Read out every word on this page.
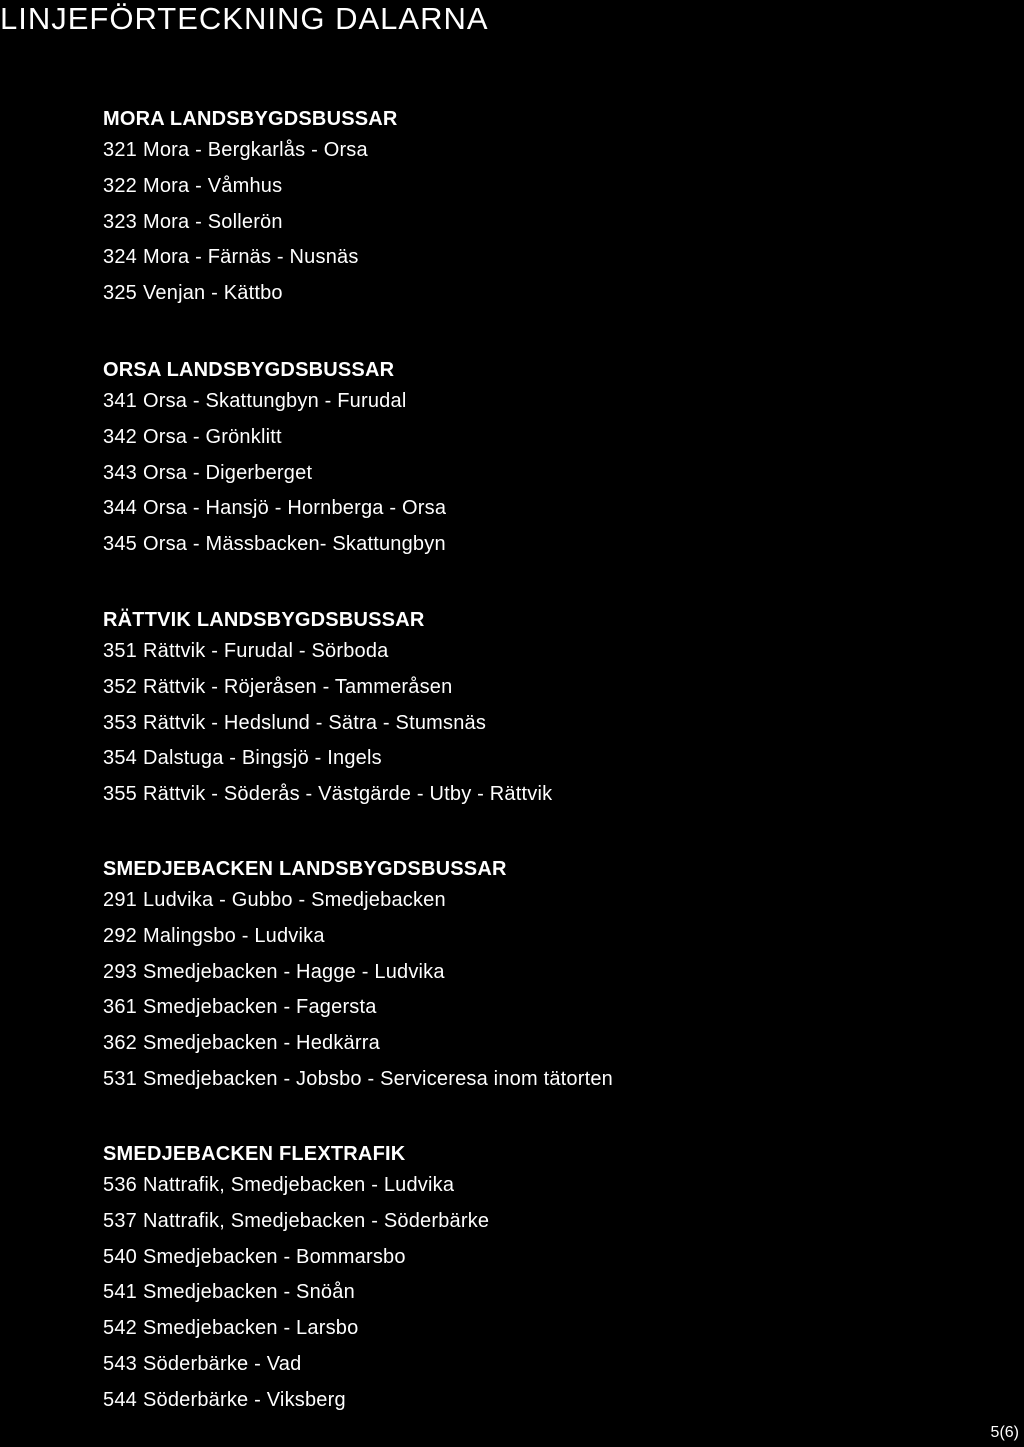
LINJEFÖRTECKNING DALARNA
MORA LANDSBYGDSBUSSAR
321 Mora - Bergkarlås - Orsa
322 Mora - Våmhus
323 Mora - Sollerön
324 Mora - Färnäs - Nusnäs
325 Venjan - Kättbo
ORSA LANDSBYGDSBUSSAR
341 Orsa - Skattungbyn - Furudal
342 Orsa - Grönklitt
343 Orsa - Digerberget
344 Orsa - Hansjö - Hornberga - Orsa
345 Orsa - Mässbacken- Skattungbyn
RÄTTVIK LANDSBYGDSBUSSAR
351 Rättvik - Furudal - Sörboda
352 Rättvik - Röjeråsen - Tammeråsen
353 Rättvik - Hedslund - Sätra - Stumsnäs
354 Dalstuga - Bingsjö - Ingels
355 Rättvik - Söderås - Västgärde - Utby - Rättvik
SMEDJEBACKEN LANDSBYGDSBUSSAR
291 Ludvika - Gubbo - Smedjebacken
292 Malingsbo - Ludvika
293 Smedjebacken - Hagge - Ludvika
361 Smedjebacken - Fagersta
362 Smedjebacken - Hedkärra
531 Smedjebacken - Jobsbo - Serviceresa inom tätorten
SMEDJEBACKEN FLEXTRAFIK
536 Nattrafik, Smedjebacken - Ludvika
537 Nattrafik, Smedjebacken - Söderbärke
540 Smedjebacken - Bommarsbo
541 Smedjebacken - Snöån
542 Smedjebacken - Larsbo
543 Söderbärke - Vad
544 Söderbärke - Viksberg
5(6)
